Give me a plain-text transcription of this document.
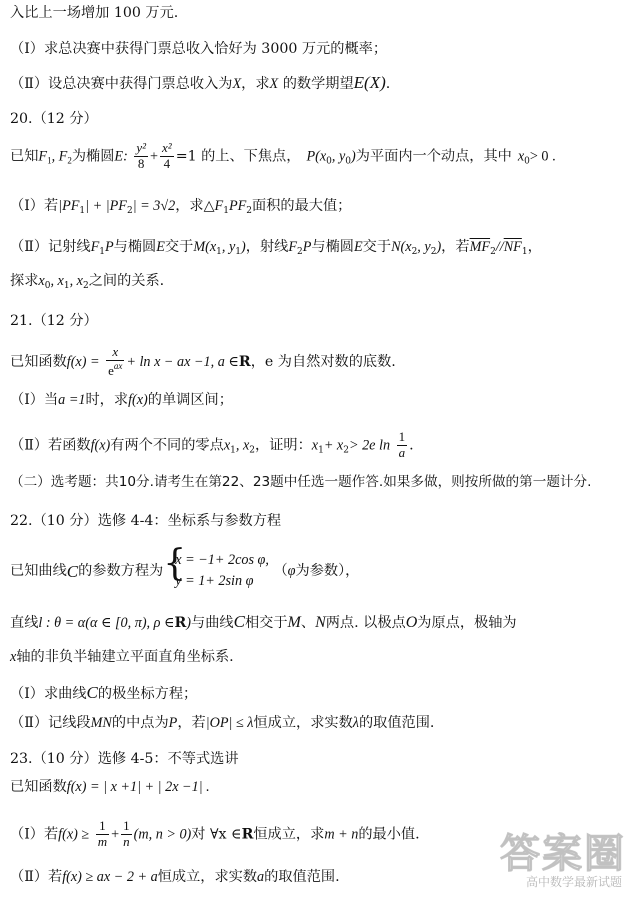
入比上一场增加 100 万元.
（Ⅰ）求总决赛中获得门票总收入恰好为 3000 万元的概率；
（Ⅱ）设总决赛中获得门票总收入为X，求X 的数学期望E(X).
20.（12 分）
已知$F_1$, $F_2$为椭圆E: $\frac{\text{y²}}{8} + \frac{\text{x²}}{4} =1$ 的上、下焦点， $P(x_0$, $y_0$)为平面内一个动点，其中 $x_0> 0$ .
（Ⅰ）若$|PF_1| + |PF_2| = 3√2$，求$\triangle F_1PF_2$面积的最大值；
（Ⅱ）记射线$F_1P$与椭圆E交于$M(x_1$, $y_1$)，射线$F_2P$与椭圆E交于$N(x_2$, $y_2$)，若$\overline{MF}_2//\overline{NF}_1$，
探求$x_0$, $x_1$, $x_2$之间的关系.
21.（12 分）
已知函数$f(x) = \frac{x}{e^{ax}} + \ln x$ − ax −1, a ∈R，e 为自然对数的底数.
（Ⅰ）当a =1时，求f(x)的单调区间；
（Ⅱ）若函数f(x)有两个不同的零点$x_1$, $x_2$，证明：$x_1+ x_2> 2e$ $\ln \frac{1}{a}$ .
（二）选考题：共10分.请考生在第22、23题中任选一题作答.如果多做，则按所做的第一题计分.
22.（10 分）选修 4-4：坐标系与参数方程
已知曲线C的参数方程为 {
x = −1+ 2cos φ,
y = 1+ 2sin φ
（φ为参数），
直线l : θ = α(α ∈ [0, π), ρ ∈R)与曲线C相交于M、N两点. 以极点O为原点，极轴为
x轴的非负半轴建立平面直角坐标系.
（Ⅰ）求曲线C的极坐标方程；
（Ⅱ）记线段MN的中点为P，若|OP| ≤ λ恒成立，求实数λ的取值范围.
23.（10 分）选修 4-5：不等式选讲
已知函数f(x) = | x +1| + | 2x −1| .
（Ⅰ）若$f(x) \ge \frac{1}{m} + \frac{1}{n} (m$, n > 0)对 ∀x ∈R恒成立，求m + n的最小值.
（Ⅱ）若f(x) ≥ ax − 2 + a恒成立，求实数a的取值范围.	答案圈
高中数学最新试题
